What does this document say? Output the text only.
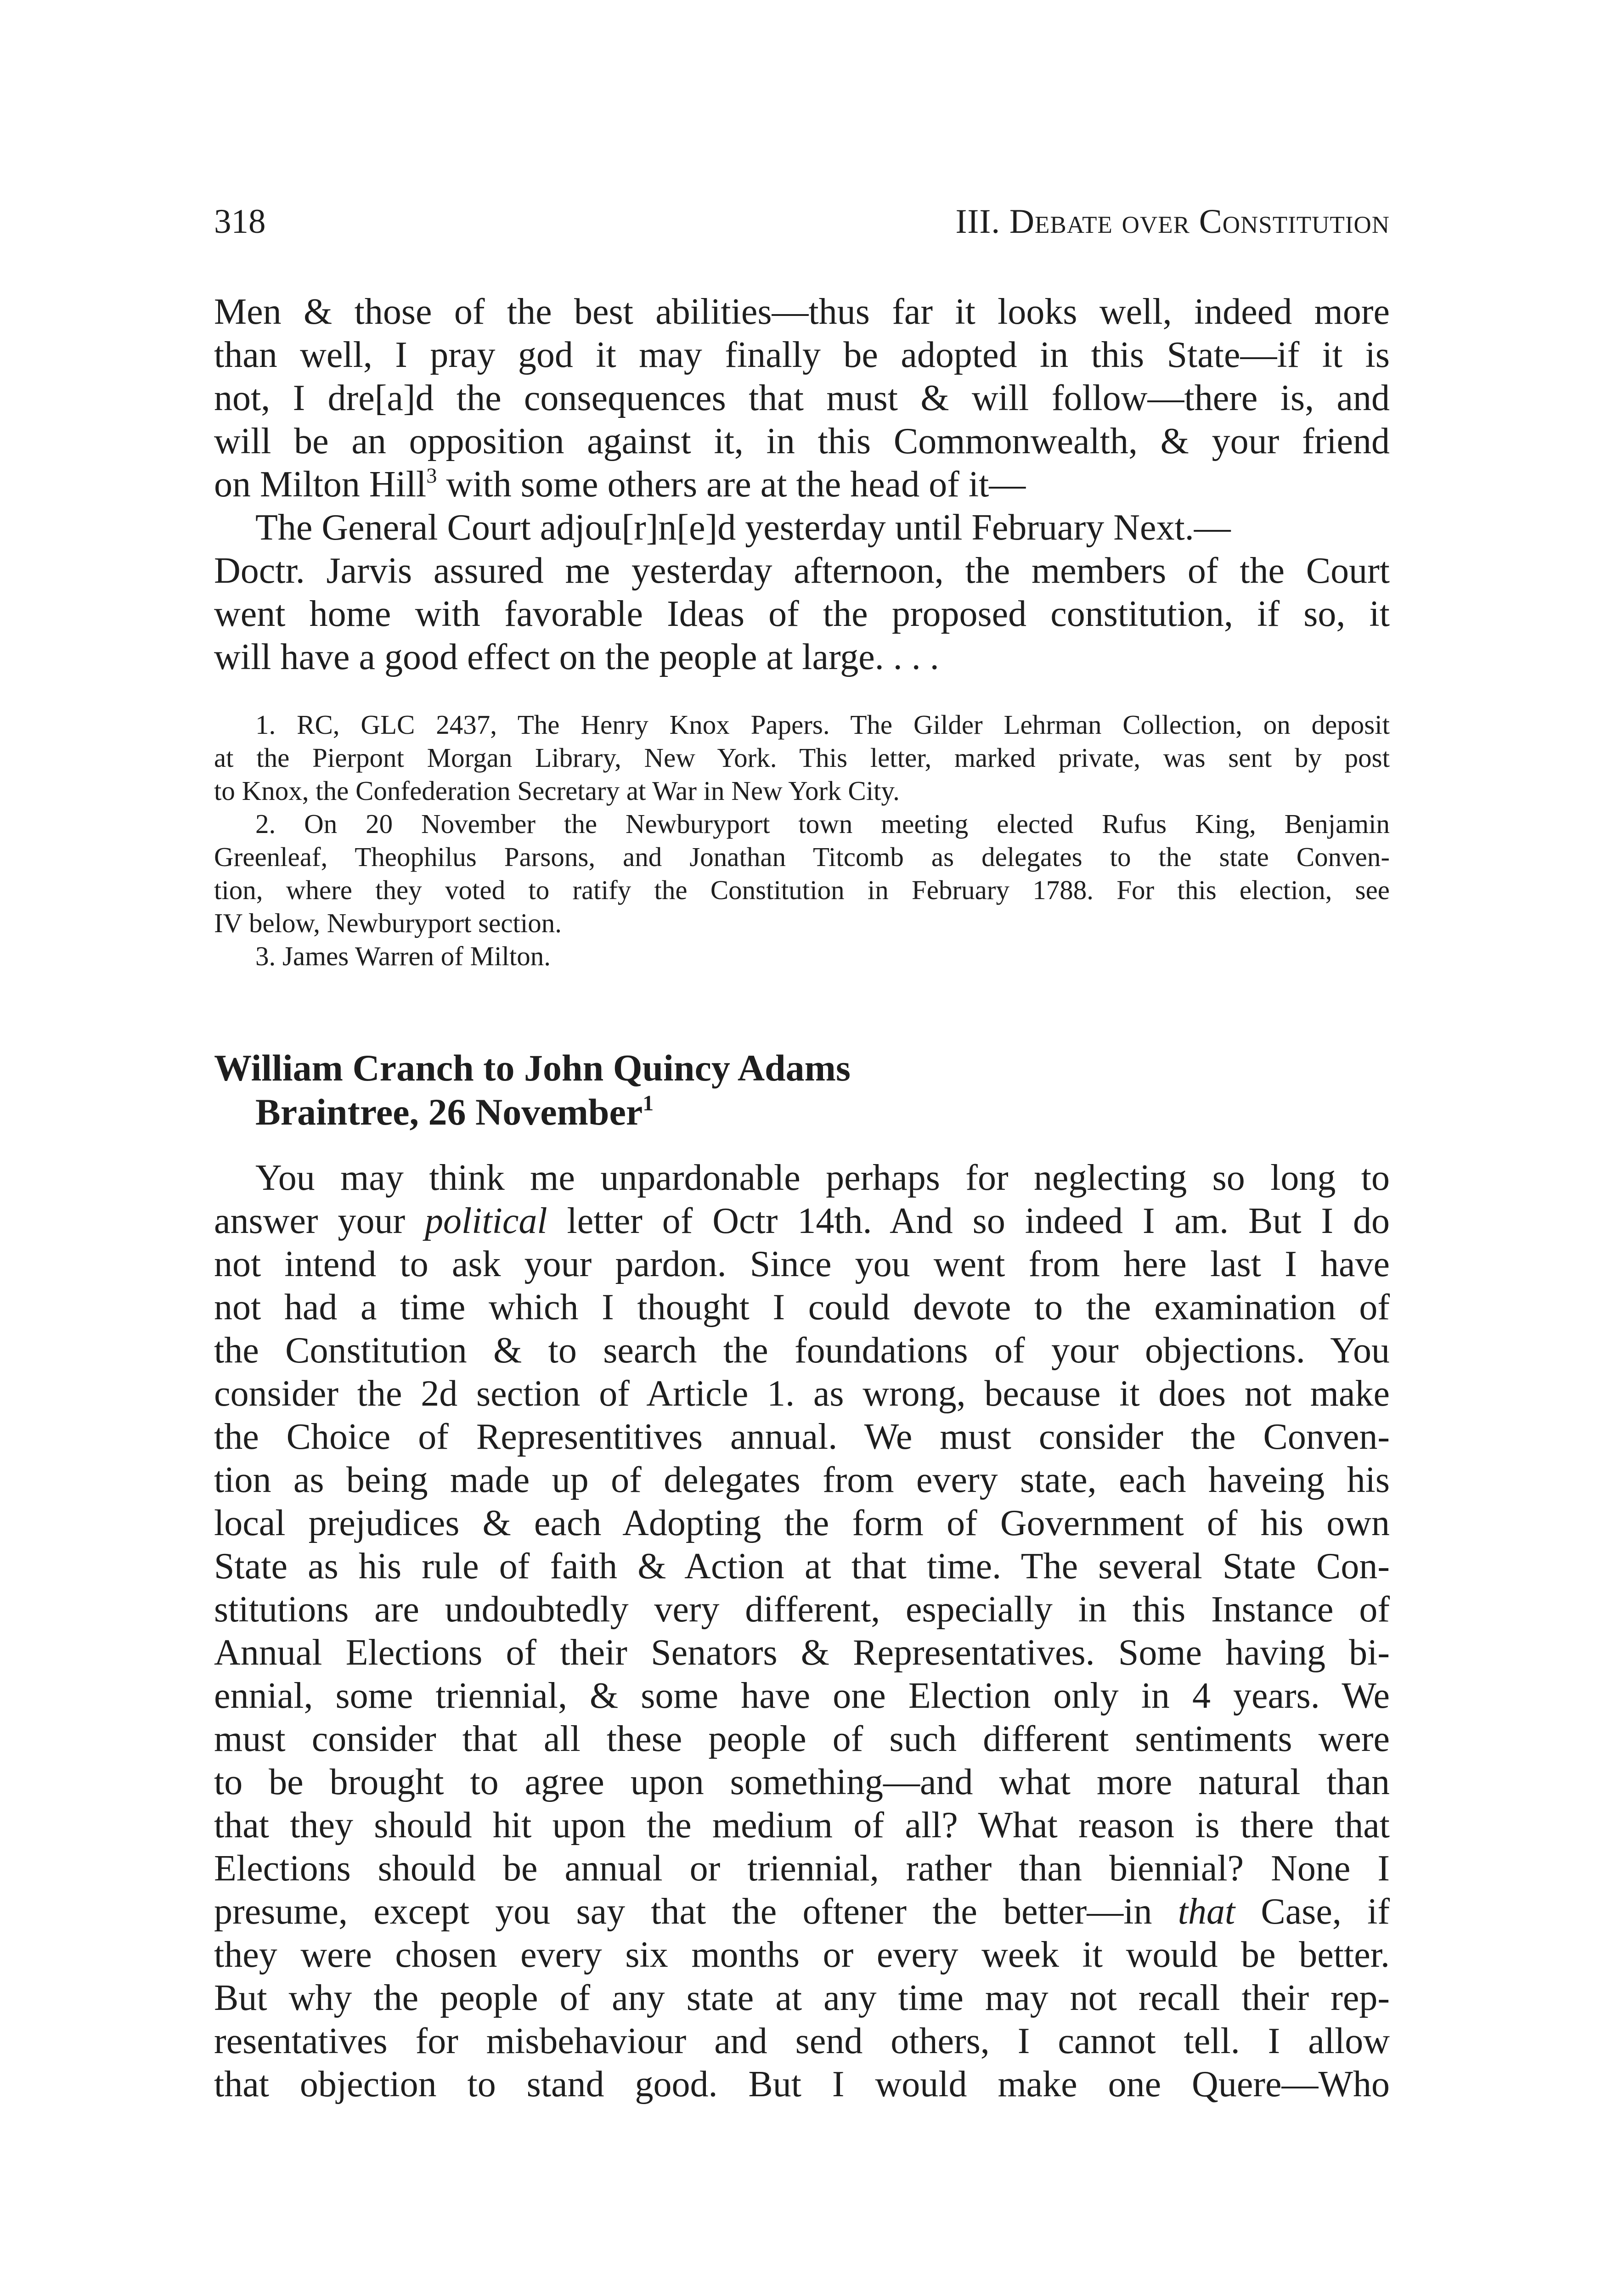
318	III. Debate over Constitution
Men & those of the best abilities—thus far it looks well, indeed more
than well, I pray god it may finally be adopted in this State—if it is
not, I dre[a]d the consequences that must & will follow—there is, and
will be an opposition against it, in this Commonwealth, & your friend
on Milton Hill$^3$ with some others are at the head of it—
The General Court adjou[r]n[e]d yesterday until February Next.—
Doctr. Jarvis assured me yesterday afternoon, the members of the Court
went home with favorable Ideas of the proposed constitution, if so, it
will have a good effect on the people at large. . . .
1. RC, GLC 2437, The Henry Knox Papers. The Gilder Lehrman Collection, on deposit
at the Pierpont Morgan Library, New York. This letter, marked private, was sent by post
to Knox, the Confederation Secretary at War in New York City.
2. On 20 November the Newburyport town meeting elected Rufus King, Benjamin
Greenleaf, Theophilus Parsons, and Jonathan Titcomb as delegates to the state Conven-
tion, where they voted to ratify the Constitution in February 1788. For this election, see
IV below, Newburyport section.
3. James Warren of Milton.
William Cranch to John Quincy Adams
Braintree, 26 November$^1$
You may think me unpardonable perhaps for neglecting so long to
answer your political letter of Octr 14th. And so indeed I am. But I do
not intend to ask your pardon. Since you went from here last I have
not had a time which I thought I could devote to the examination of
the Constitution & to search the foundations of your objections. You
consider the 2d section of Article 1. as wrong, because it does not make
the Choice of Representitives annual. We must consider the Conven-
tion as being made up of delegates from every state, each haveing his
local prejudices & each Adopting the form of Government of his own
State as his rule of faith & Action at that time. The several State Con-
stitutions are undoubtedly very different, especially in this Instance of
Annual Elections of their Senators & Representatives. Some having bi-
ennial, some triennial, & some have one Election only in 4 years. We
must consider that all these people of such different sentiments were
to be brought to agree upon something—and what more natural than
that they should hit upon the medium of all? What reason is there that
Elections should be annual or triennial, rather than biennial? None I
presume, except you say that the oftener the better—in that Case, if
they were chosen every six months or every week it would be better.
But why the people of any state at any time may not recall their rep-
resentatives for misbehaviour and send others, I cannot tell. I allow
that objection to stand good. But I would make one Quere—Who
